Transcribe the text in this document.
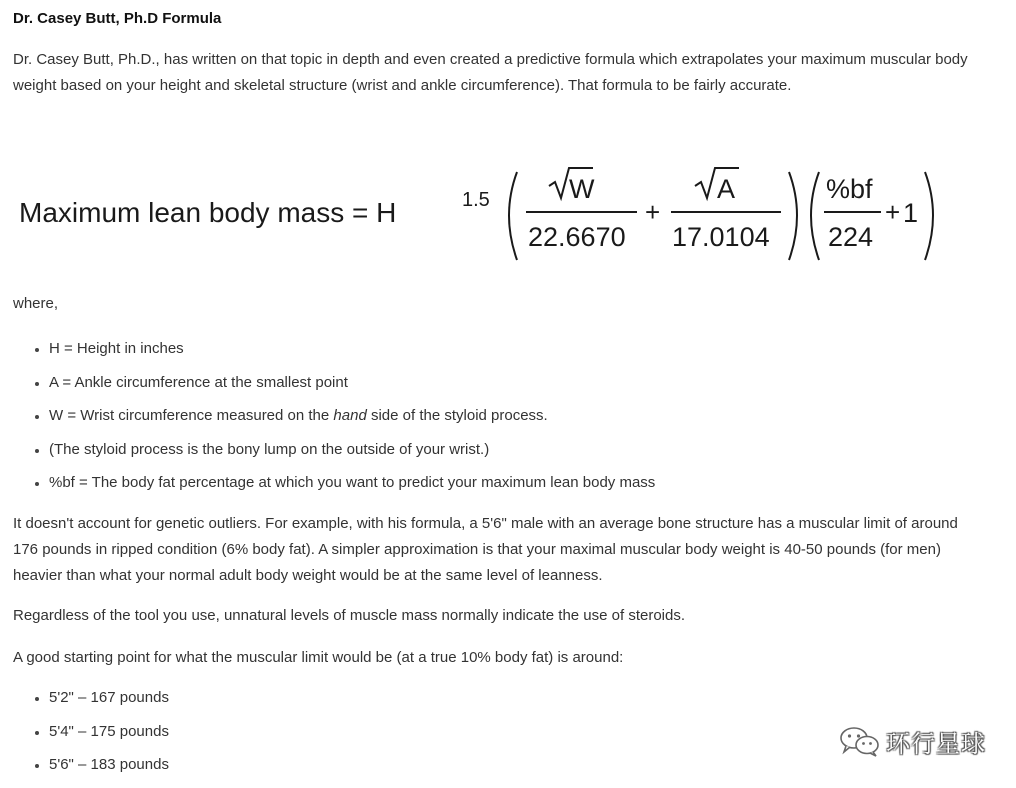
Dr. Casey Butt, Ph.D Formula
Dr. Casey Butt, Ph.D., has written on that topic in depth and even created a predictive formula which extrapolates your maximum muscular body weight based on your height and skeletal structure (wrist and ankle circumference). That formula to be fairly accurate.
Maximum lean body mass = H	1.5	W
22.6670
+
A
17.0104
%bf
224
+ 1
where,
H = Height in inches
A = Ankle circumference at the smallest point
W = Wrist circumference measured on the hand side of the styloid process.
(The styloid process is the bony lump on the outside of your wrist.)
%bf = The body fat percentage at which you want to predict your maximum lean body mass
It doesn't account for genetic outliers. For example, with his formula, a 5'6" male with an average bone structure has a muscular limit of around 176 pounds in ripped condition (6% body fat). A simpler approximation is that your maximal muscular body weight is 40-50 pounds (for men) heavier than what your normal adult body weight would be at the same level of leanness.
Regardless of the tool you use, unnatural levels of muscle mass normally indicate the use of steroids.
A good starting point for what the muscular limit would be (at a true 10% body fat) is around:
5'2" – 167 pounds
5'4" – 175 pounds
5'6" – 183 pounds
环行星球
